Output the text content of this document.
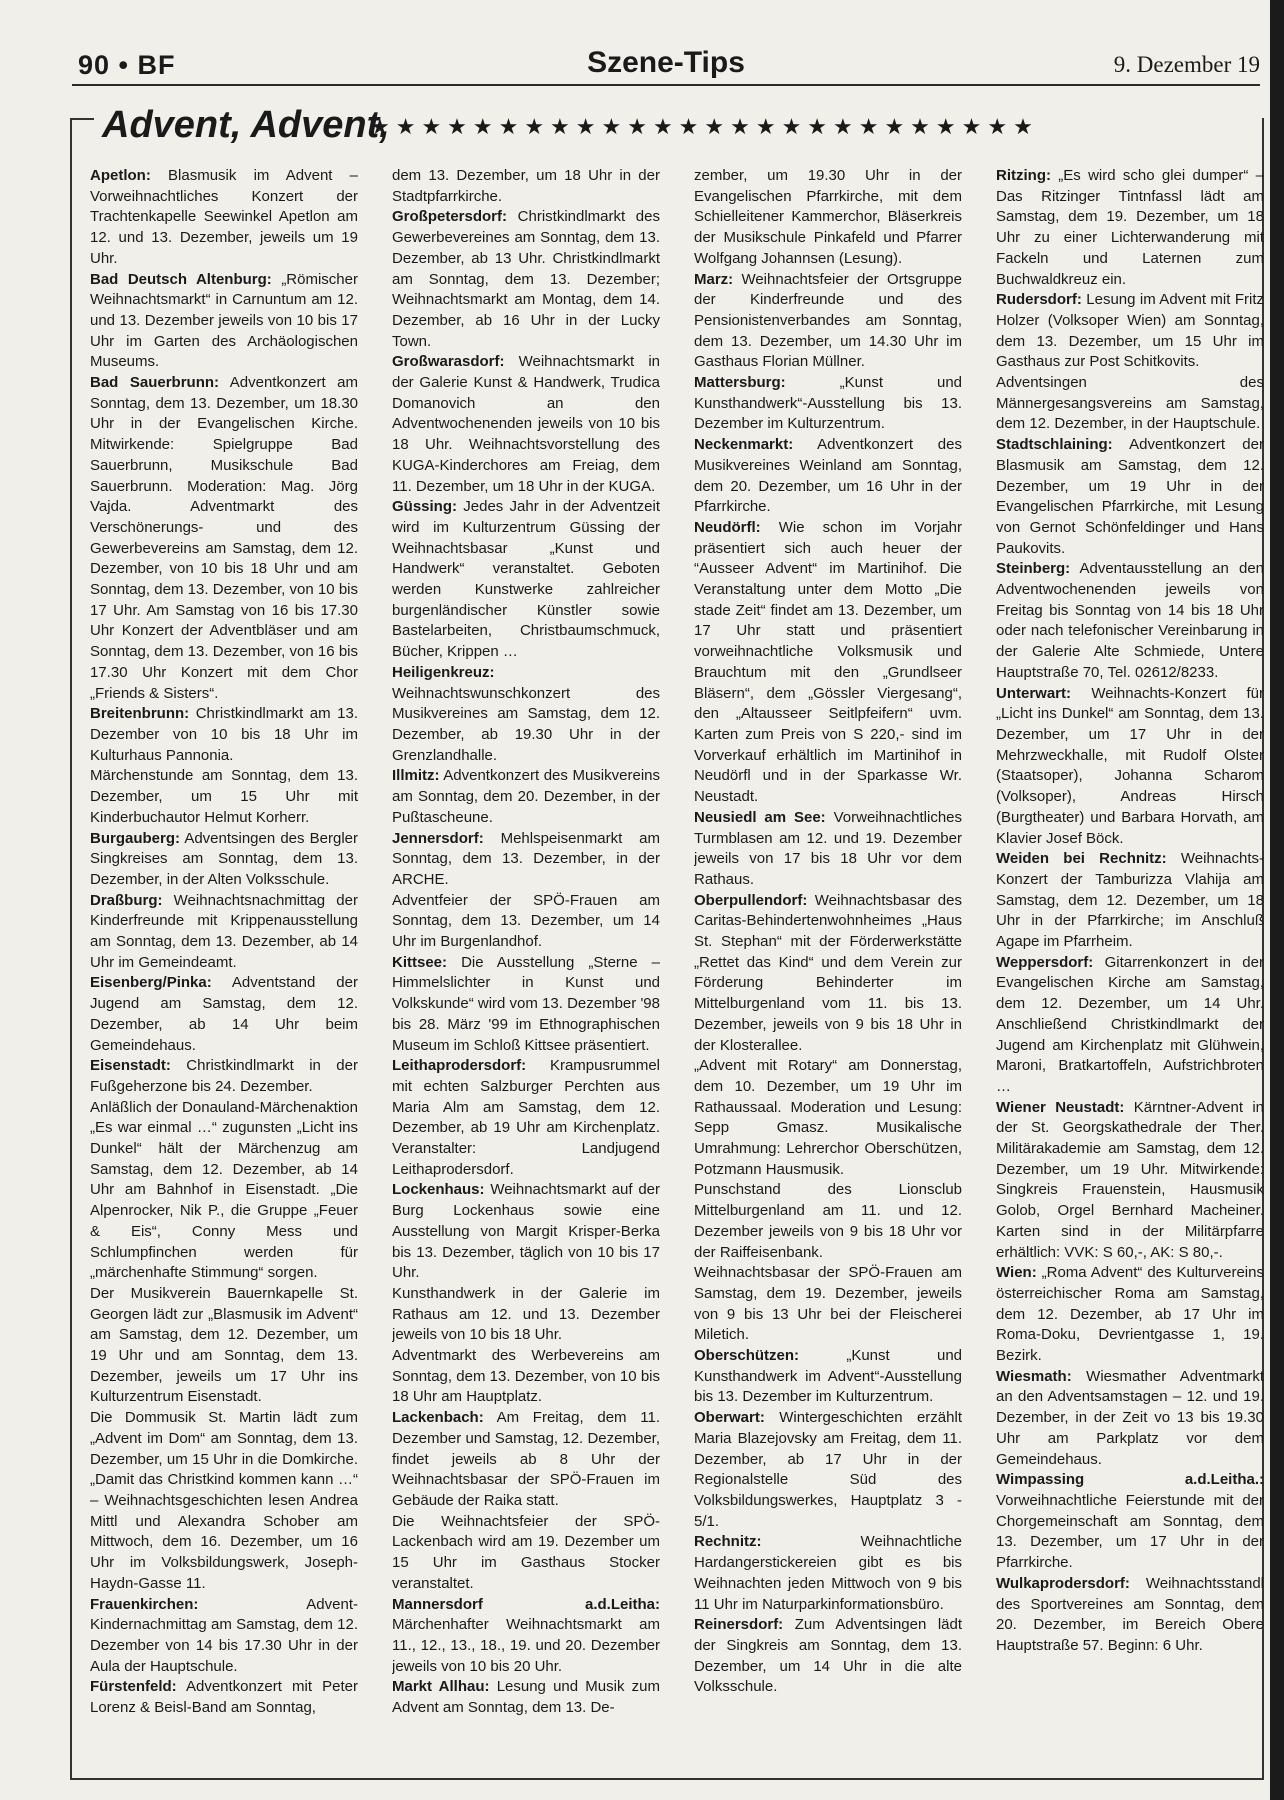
90 • BF	Szene-Tips	9. Dezember 19
Advent, Advent,
★★★★★★★★★★★★★★★★★★★★★★★★★★

Apetlon: Blasmusik im Advent – Vorweihnachtliches Konzert der Trachtenkapelle Seewinkel Apetlon am 12. und 13. Dezember, jeweils um 19 Uhr.

Bad Deutsch Altenburg: „Römischer Weihnachtsmarkt“ in Carnuntum am 12. und 13. Dezember jeweils von 10 bis 17 Uhr im Garten des Archäologischen Museums.

Bad Sauerbrunn: Adventkonzert am Sonntag, dem 13. Dezember, um 18.30 Uhr in der Evangelischen Kirche. Mitwirkende: Spielgruppe Bad Sauerbrunn, Musikschule Bad Sauerbrunn. Moderation: Mag. Jörg Vajda. Adventmarkt des Verschönerungs- und des Gewerbevereins am Samstag, dem 12. Dezember, von 10 bis 18 Uhr und am Sonntag, dem 13. Dezember, von 10 bis 17 Uhr. Am Samstag von 16 bis 17.30 Uhr Konzert der Adventbläser und am Sonntag, dem 13. Dezember, von 16 bis 17.30 Uhr Konzert mit dem Chor „Friends & Sisters“.

Breitenbrunn: Christkindlmarkt am 13. Dezember von 10 bis 18 Uhr im Kulturhaus Pannonia.

Märchenstunde am Sonntag, dem 13. Dezember, um 15 Uhr mit Kinderbuchautor Helmut Korherr.

Burgauberg: Adventsingen des Bergler Singkreises am Sonntag, dem 13. Dezember, in der Alten Volksschule.

Draßburg: Weihnachtsnachmittag der Kinderfreunde mit Krippenausstellung am Sonntag, dem 13. Dezember, ab 14 Uhr im Gemeindeamt.

Eisenberg/Pinka: Adventstand der Jugend am Samstag, dem 12. Dezember, ab 14 Uhr beim Gemeindehaus.

Eisenstadt: Christkindlmarkt in der Fußgeherzone bis 24. Dezember.

Anläßlich der Donauland-Märchenaktion „Es war einmal …“ zugunsten „Licht ins Dunkel“ hält der Märchenzug am Samstag, dem 12. Dezember, ab 14 Uhr am Bahnhof in Eisenstadt. „Die Alpenrocker, Nik P., die Gruppe „Feuer & Eis“, Conny Mess und Schlumpfinchen werden für „märchenhafte Stimmung“ sorgen.

Der Musikverein Bauernkapelle St. Georgen lädt zur „Blasmusik im Advent“ am Samstag, dem 12. Dezember, um 19 Uhr und am Sonntag, dem 13. Dezember, jeweils um 17 Uhr ins Kulturzentrum Eisenstadt.

Die Dommusik St. Martin lädt zum „Advent im Dom“ am Sonntag, dem 13. Dezember, um 15 Uhr in die Domkirche. „Damit das Christkind kommen kann …“ – Weihnachtsgeschichten lesen Andrea Mittl und Alexandra Schober am Mittwoch, dem 16. Dezember, um 16 Uhr im Volksbildungswerk, Joseph-Haydn-Gasse 11.

Frauenkirchen:	Advent-Kindernachmittag am Samstag, dem 12. Dezember von 14 bis 17.30 Uhr in der Aula der Hauptschule.

Fürstenfeld: Adventkonzert mit Peter Lorenz & Beisl-Band am Sonntag,

dem 13. Dezember, um 18 Uhr in der Stadtpfarrkirche.

Großpetersdorf: Christkindlmarkt des Gewerbevereines am Sonntag, dem 13. Dezember, ab 13 Uhr. Christkindlmarkt am Sonntag, dem 13. Dezember; Weihnachtsmarkt am Montag, dem 14. Dezember, ab 16 Uhr in der Lucky Town.

Großwarasdorf: Weihnachtsmarkt in der Galerie Kunst & Handwerk, Trudica Domanovich an den Adventwochenenden jeweils von 10 bis 18 Uhr. Weihnachtsvorstellung des KUGA-Kinderchores am Freiag, dem 11. Dezember, um 18 Uhr in der KUGA.

Güssing: Jedes Jahr in der Adventzeit wird im Kulturzentrum Güssing der Weihnachtsbasar „Kunst und Handwerk“ veranstaltet. Geboten werden Kunstwerke zahlreicher burgenländischer Künstler sowie Bastelarbeiten, Christbaumschmuck, Bücher, Krippen …

Heiligenkreuz: Weihnachtswunschkonzert des Musikvereines am Samstag, dem 12. Dezember, ab 19.30 Uhr in der Grenzlandhalle.

Illmitz: Adventkonzert des Musikvereins am Sonntag, dem 20. Dezember, in der Pußtascheune.

Jennersdorf: Mehlspeisenmarkt am Sonntag, dem 13. Dezember, in der ARCHE.

Adventfeier der SPÖ-Frauen am Sonntag, dem 13. Dezember, um 14 Uhr im Burgenlandhof.

Kittsee: Die Ausstellung „Sterne – Himmelslichter in Kunst und Volkskunde“ wird vom 13. Dezember '98 bis 28. März '99 im Ethnographischen Museum im Schloß Kittsee präsentiert.

Leithaprodersdorf: Krampusrummel mit echten Salzburger Perchten aus Maria Alm am Samstag, dem 12. Dezember, ab 19 Uhr am Kirchenplatz. Veranstalter: Landjugend Leithaprodersdorf.

Lockenhaus: Weihnachtsmarkt auf der Burg Lockenhaus sowie eine Ausstellung von Margit Krisper-Berka bis 13. Dezember, täglich von 10 bis 17 Uhr.

Kunsthandwerk in der Galerie im Rathaus am 12. und 13. Dezember jeweils von 10 bis 18 Uhr.

Adventmarkt des Werbevereins am Sonntag, dem 13. Dezember, von 10 bis 18 Uhr am Hauptplatz.

Lackenbach: Am Freitag, dem 11. Dezember und Samstag, 12. Dezember, findet jeweils ab 8 Uhr der Weihnachtsbasar der SPÖ-Frauen im Gebäude der Raika statt.

Die Weihnachtsfeier der SPÖ-Lackenbach wird am 19. Dezember um 15 Uhr im Gasthaus Stocker veranstaltet.

Mannersdorf a.d.Leitha: Märchenhafter Weihnachtsmarkt am 11., 12., 13., 18., 19. und 20. Dezember jeweils von 10 bis 20 Uhr.

Markt Allhau: Lesung und Musik zum Advent am Sonntag, dem 13. De-

zember, um 19.30 Uhr in der Evangelischen Pfarrkirche, mit dem Schielleitener Kammerchor, Bläserkreis der Musikschule Pinkafeld und Pfarrer Wolfgang Johannsen (Lesung).

Marz: Weihnachtsfeier der Ortsgruppe der Kinderfreunde und des Pensionistenverbandes am Sonntag, dem 13. Dezember, um 14.30 Uhr im Gasthaus Florian Müllner.

Mattersburg:	„Kunst und Kunsthandwerk“-Ausstellung bis 13. Dezember im Kulturzentrum.

Neckenmarkt: Adventkonzert des Musikvereines Weinland am Sonntag, dem 20. Dezember, um 16 Uhr in der Pfarrkirche.

Neudörfl: Wie schon im Vorjahr präsentiert sich auch heuer der “Ausseer Advent“ im Martinihof. Die Veranstaltung unter dem Motto „Die stade Zeit“ findet am 13. Dezember, um 17 Uhr statt und präsentiert vorweihnachtliche Volksmusik und Brauchtum mit den „Grundlseer Bläsern“, dem „Gössler Viergesang“, den „Altausseer Seitlpfeifern“ uvm. Karten zum Preis von S 220,- sind im Vorverkauf erhältlich im Martinihof in Neudörfl und in der Sparkasse Wr. Neustadt.

Neusiedl am See: Vorweihnachtliches Turmblasen am 12. und 19. Dezember jeweils von 17 bis 18 Uhr vor dem Rathaus.

Oberpullendorf: Weihnachtsbasar des Caritas-Behindertenwohnheimes „Haus St. Stephan“ mit der Förderwerkstätte „Rettet das Kind“ und dem Verein zur Förderung Behinderter im Mittelburgenland vom 11. bis 13. Dezember, jeweils von 9 bis 18 Uhr in der Klosterallee.

„Advent mit Rotary“ am Donnerstag, dem 10. Dezember, um 19 Uhr im Rathaussaal. Moderation und Lesung: Sepp Gmasz. Musikalische Umrahmung: Lehrerchor Oberschützen, Potzmann Hausmusik.

Punschstand des Lionsclub Mittelburgenland am 11. und 12. Dezember jeweils von 9 bis 18 Uhr vor der Raiffeisenbank.

Weihnachtsbasar der SPÖ-Frauen am Samstag, dem 19. Dezember, jeweils von 9 bis 13 Uhr bei der Fleischerei Miletich.

Oberschützen:	„Kunst und Kunsthandwerk im Advent“-Ausstellung bis 13. Dezember im Kulturzentrum.

Oberwart: Wintergeschichten erzählt Maria Blazejovsky am Freitag, dem 11. Dezember, ab 17 Uhr in der Regionalstelle Süd des Volksbildungswerkes, Hauptplatz 3 - 5/1.

Rechnitz:	Weihnachtliche Hardangerstickereien gibt es bis Weihnachten jeden Mittwoch von 9 bis 11 Uhr im Naturparkinformationsbüro.

Reinersdorf: Zum Adventsingen lädt der Singkreis am Sonntag, dem 13. Dezember, um 14 Uhr in die alte Volksschule.

Ritzing: „Es wird scho glei dumper“ – Das Ritzinger Tintnfassl lädt am Samstag, dem 19. Dezember, um 18 Uhr zu einer Lichterwanderung mit Fackeln und Laternen zum Buchwaldkreuz ein.

Rudersdorf: Lesung im Advent mit Fritz Holzer (Volksoper Wien) am Sonntag, dem 13. Dezember, um 15 Uhr im Gasthaus zur Post Schitkovits.

Adventsingen des Männergesangsvereins am Samstag, dem 12. Dezember, in der Hauptschule.

Stadtschlaining: Adventkonzert der Blasmusik am Samstag, dem 12. Dezember, um 19 Uhr in der Evangelischen Pfarrkirche, mit Lesung von Gernot Schönfeldinger und Hans Paukovits.

Steinberg: Adventausstellung an den Adventwochenenden jeweils von Freitag bis Sonntag von 14 bis 18 Uhr oder nach telefonischer Vereinbarung in der Galerie Alte Schmiede, Untere Hauptstraße 70, Tel. 02612/8233.

Unterwart: Weihnachts-Konzert für „Licht ins Dunkel“ am Sonntag, dem 13. Dezember, um 17 Uhr in der Mehrzweckhalle, mit Rudolf Olster (Staatsoper), Johanna Scharom (Volksoper), Andreas Hirsch (Burgtheater) und Barbara Horvath, am Klavier Josef Böck.

Weiden bei Rechnitz: Weihnachts-Konzert der Tamburizza Vlahija am Samstag, dem 12. Dezember, um 18 Uhr in der Pfarrkirche; im Anschluß Agape im Pfarrheim.

Weppersdorf: Gitarrenkonzert in der Evangelischen Kirche am Samstag, dem 12. Dezember, um 14 Uhr. Anschließend Christkindlmarkt der Jugend am Kirchenplatz mit Glühwein, Maroni, Bratkartoffeln, Aufstrichbroten …

Wiener Neustadt: Kärntner-Advent in der St. Georgskathedrale der Ther. Militärakademie am Samstag, dem 12. Dezember, um 19 Uhr. Mitwirkende: Singkreis Frauenstein, Hausmusik Golob, Orgel Bernhard Macheiner. Karten sind in der Militärpfarre erhältlich: VVK: S 60,-, AK: S 80,-.

Wien: „Roma Advent“ des Kulturvereins österreichischer Roma am Samstag, dem 12. Dezember, ab 17 Uhr im Roma-Doku, Devrientgasse 1, 19. Bezirk.

Wiesmath: Wiesmather Adventmarkt an den Adventsamstagen – 12. und 19. Dezember, in der Zeit vo 13 bis 19.30 Uhr am Parkplatz vor dem Gemeindehaus.

Wimpassing a.d.Leitha.: Vorweihnachtliche Feierstunde mit der Chorgemeinschaft am Sonntag, dem 13. Dezember, um 17 Uhr in der Pfarrkirche.

Wulkaprodersdorf: Weihnachtsstandl des Sportvereines am Sonntag, dem 20. Dezember, im Bereich Obere Hauptstraße 57. Beginn: 6 Uhr.
